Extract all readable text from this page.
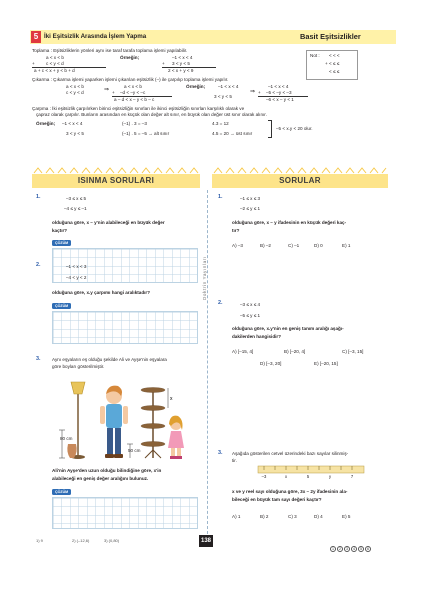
5 İki Eşitsizlik Arasında İşlem Yapma	Basit Eşitsizlikler
Not : < < <
+ < ≤ ≤
< ≤ ≤
Toplama : Eşitsizliklerin yönleri aynı ise taraf tarafa toplama işlemi yapılabilir.
a < x < b
+ c < y < d
a + c < x + y < b + d
Örneğin;	–1 < x < 4
+ 3 < y < 5
2 < x + y < 9
Çıkarma : Çıkarma işlemi yaparken işlemi çıkarılan eşitsizlik (–) ile çarpılıp toplama işlemi yapılır.
a < x < b
c < y < d	⇒
a < x < b
+ –d < –y < –c
a – d < x – y < b – c
Örneğin;	–1 < x < 4
3 < y < 5
⇒
–1 < x < 4
+ –5 < –y < –3
–6 < x – y < 1
Çarpma : İki eşitsizlik çarpılırken birinci eşitsizliğin sınırları ile ikinci eşitsizliğin sınırları karşılıklı olarak ve
çapraz olarak çarpılır. Bunların arasından en küçük olan değer alt sınır, en büyük olan değer üst sınır olarak alınır.
Örneğin; –1 < x < 4
3 < y < 5
(–1) . 3 = –3
(–1) . 5 = –5 → alt sınır
4.3 = 12
4.5 = 20 → üst sınır
–5 < x.y < 20 olur.
ISINMA SORULARI	SORULAR
Doktrin Yayınları
1.	–3 ≤ x ≤ 5
–4 ≤ y ≤ –1
olduğuna göre, x – y'nin alabileceği en büyük değer
kaçtır?
ÇÖZÜM
2.	–1 < x < 3
–4 < y < 2
olduğuna göre, x.y çarpımı hangi aralıktadır?
ÇÖZÜM
3.	Aynı eşyaların eş olduğu şekilde Ali ve Ayşe'nin eşyalara
göre boyları gösterilmiştir.
x
80 cm
50 cm
Ali'nin Ayşe'den uzun olduğu bilindiğine göre, x'in
alabileceği en geniş değer aralığını bulunuz.
ÇÖZÜM
1.	–1 ≤ x ≤ 3
–2 ≤ y ≤ 1
olduğuna göre, x – y ifadesinin en küçük değeri kaç-
tır?
A) –3	B) –2	C) –1	D) 0	E) 1
2.	–3 ≤ x ≤ 4
–5 ≤ y ≤ 1
olduğuna göre, x.y'nin en geniş tanım aralığı aşağı-
dakilerden hangisidir?
A) [–15, 4]	B) [–20, 4]	C) [–3, 15]
D) [–3, 20]	E) [–20, 15]
3. Aşağıda gösterilen cetvel üzerindeki bazı sayılar silinmiş-
tir.
–3	x	5	y	7
x ve y reel sayı olduğuna göre, 3x – 2y ifadesinin ala-
bileceği en büyük tam sayı değeri kaçtır?
A) 1	B) 2	C) 3	D) 4	E) 5
1) 9	2) (–12,6)	3) (0,80)	138
1 2 3 4 5 6
